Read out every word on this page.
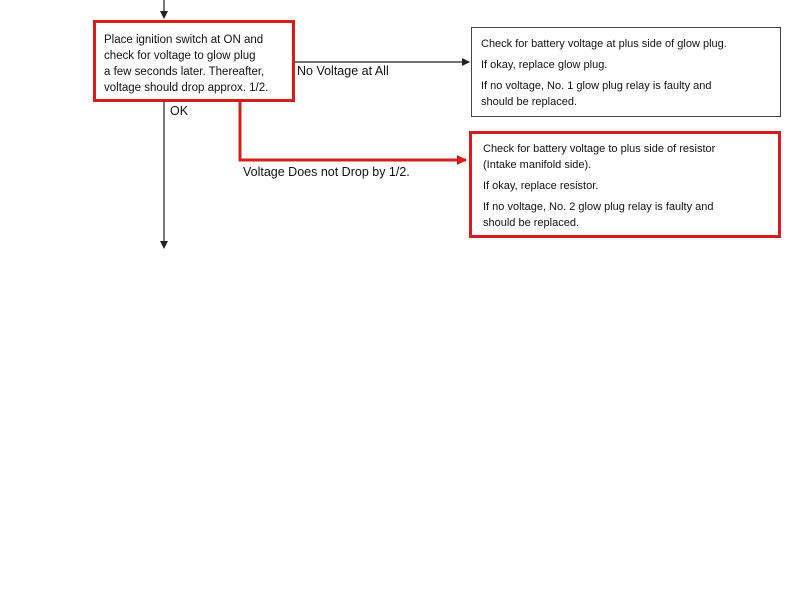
Place ignition switch at ON and

check for voltage to glow plug

a few seconds later. Thereafter,

voltage should drop approx. 1/2.

No Voltage at All
OK
Voltage Does not Drop by 1/2.

Check for battery voltage at plus side of glow plug.

If okay, replace glow plug.

If no voltage, No. 1 glow plug relay is faulty and

should be replaced.

Check for battery voltage to plus side of resistor

(Intake manifold side).

If okay, replace resistor.

If no voltage, No. 2 glow plug relay is faulty and

should be replaced.
